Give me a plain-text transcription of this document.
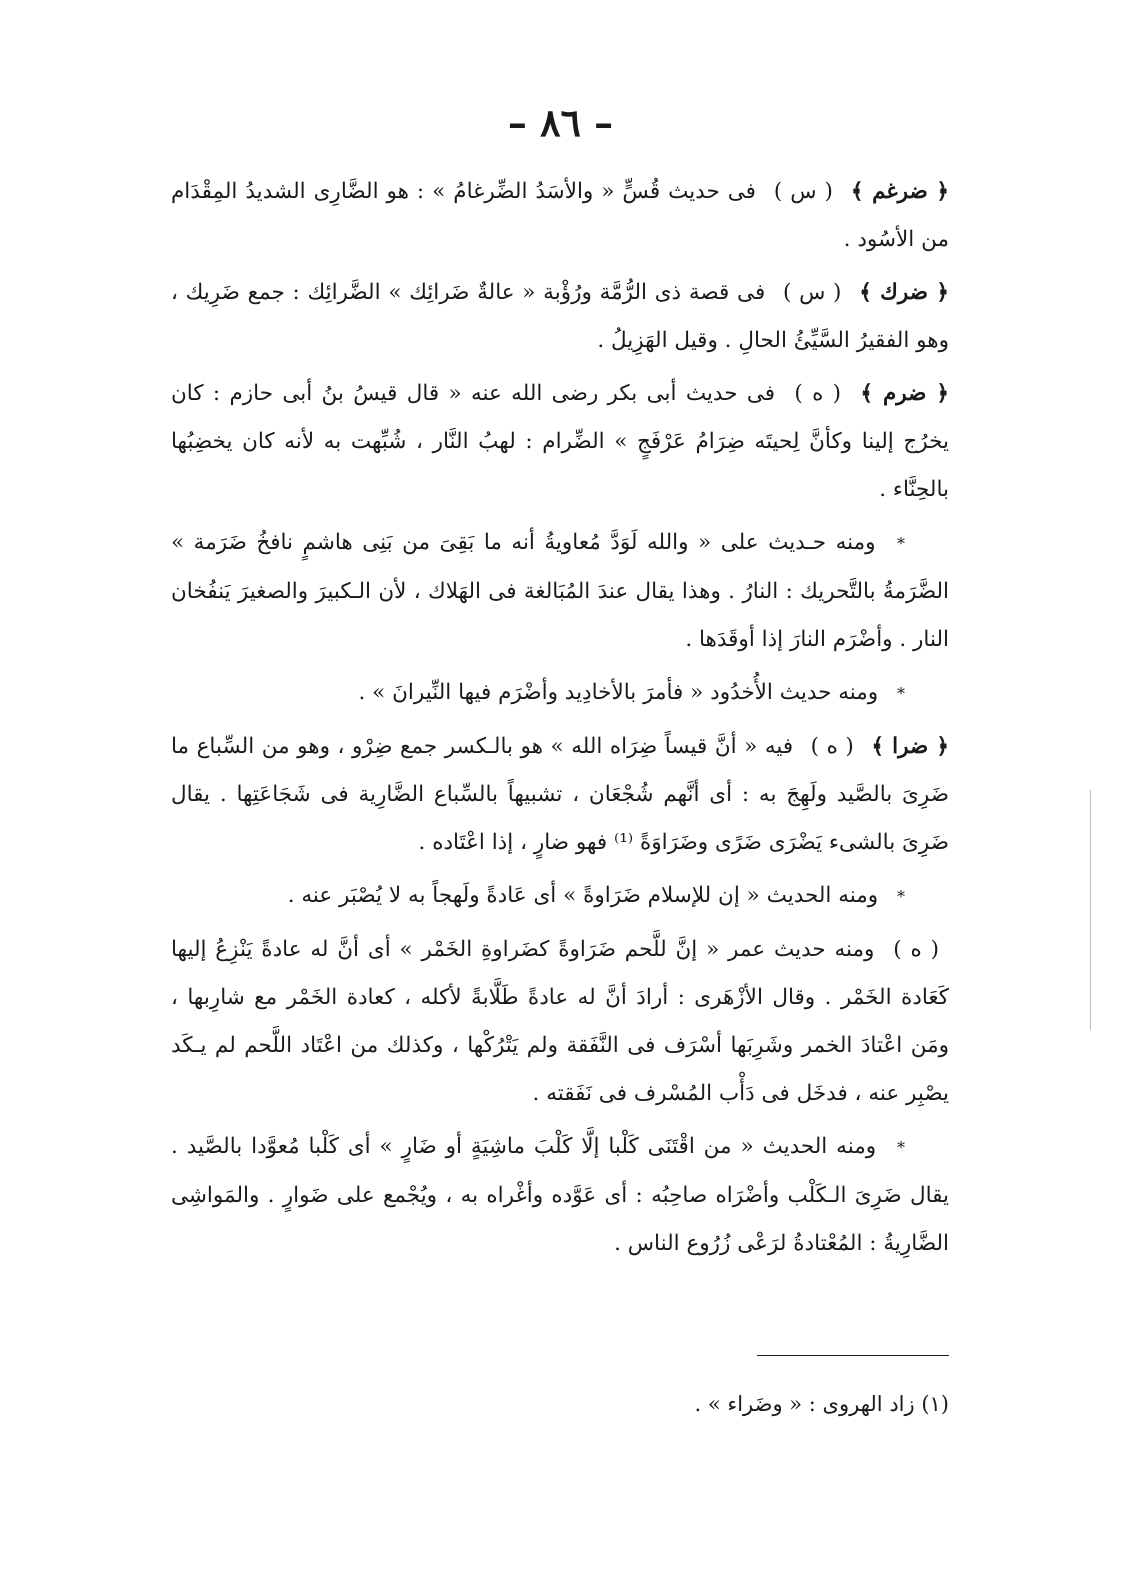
– ٨٦ –

﴿ ضرغم ﴾ ( س ) فى حديث قُسٍّ « والأسَدُ الضِّرغامُ » : هو الضَّارِى الشديدُ المِقْدَام من الأسُود .

﴿ ضرك ﴾ ( س ) فى قصة ذى الرُّمَّة ورُؤْبة « عالةٌ ضَرائِك » الضَّرائِك : جمع ضَرِيك ، وهو الفقيرُ السَّيِّئُ الحالِ . وقيل الهَزِيلُ .

﴿ ضرم ﴾ ( ه ) فى حديث أبى بكر رضى الله عنه « قال قيسُ بنُ أبى حازم : كان يخرُج إلينا وكأنَّ لِحيتَه ضِرَامُ عَرْفَجٍ » الضِّرام : لهبُ النَّار ، شُبِّهت به لأنه كان يخضِبُها بالحِنَّاء .

* ومنه حـديث على « والله لَوَدَّ مُعاويةُ أنه ما بَقِىَ من بَنِى هاشمٍ نافخُ ضَرَمة » الضَّرَمةُ بالتَّحريك : النارُ . وهذا يقال عندَ المُبَالغة فى الهَلاك ، لأن الـكبيرَ والصغيرَ يَنفُخان النار . وأضْرَم النارَ إذا أوقَدَها .

* ومنه حديث الأُخدُود « فأمرَ بالأخادِيد وأضْرَم فيها النِّيرانَ » .

﴿ ضرا ﴾ ( ه ) فيه « أنَّ قيساً ضِرَاه الله » هو بالـكسر جمع ضِرْو ، وهو من السِّباع ما ضَرِىَ بالصَّيد ولَهِجَ به : أى أنَّهم شُجْعَان ، تشبيهاً بالسِّباع الضَّارِية فى شَجَاعَتِها . يقال ضَرِىَ بالشىء يَضْرَى ضَرًى وضَرَاوَةً ⁽¹⁾ فهو ضارٍ ، إذا اعْتَاده .

* ومنه الحديث « إن للإسلام ضَرَاوةً » أى عَادةً ولَهجاً به لا يُصْبَر عنه .

( ه ) ومنه حديث عمر « إنَّ للَّحم ضَرَاوةً كضَراوةِ الخَمْر » أى أنَّ له عادةً يَنْزِعُ إليها كَعَادة الخَمْر . وقال الأزْهَرى : أرادَ أنَّ له عادةً طَلَّابةً لأكله ، كعادة الخَمْر مع شارِبها ، ومَن اعْتادَ الخمر وشَرِبَها أسْرَف فى النَّفَقة ولم يَتْرُكْها ، وكذلك من اعْتَاد اللَّحم لم يـكَد يصْبِر عنه ، فدخَل فى دَأْب المُسْرف فى نَفَقته .

* ومنه الحديث « من اقْتَنَى كَلْبا إلَّا كَلْبَ ماشِيَةٍ أو ضَارٍ » أى كَلْبا مُعوَّدا بالصَّيد . يقال ضَرِىَ الـكَلْب وأضْرَاه صاحِبُه : أى عَوَّده وأغْراه به ، ويُجْمع على ضَوارٍ . والمَواشِى الضَّارِيةُ : المُعْتادةُ لرَعْى زُرُوع الناس .

(١) زاد الهروى : « وضَراء » .
